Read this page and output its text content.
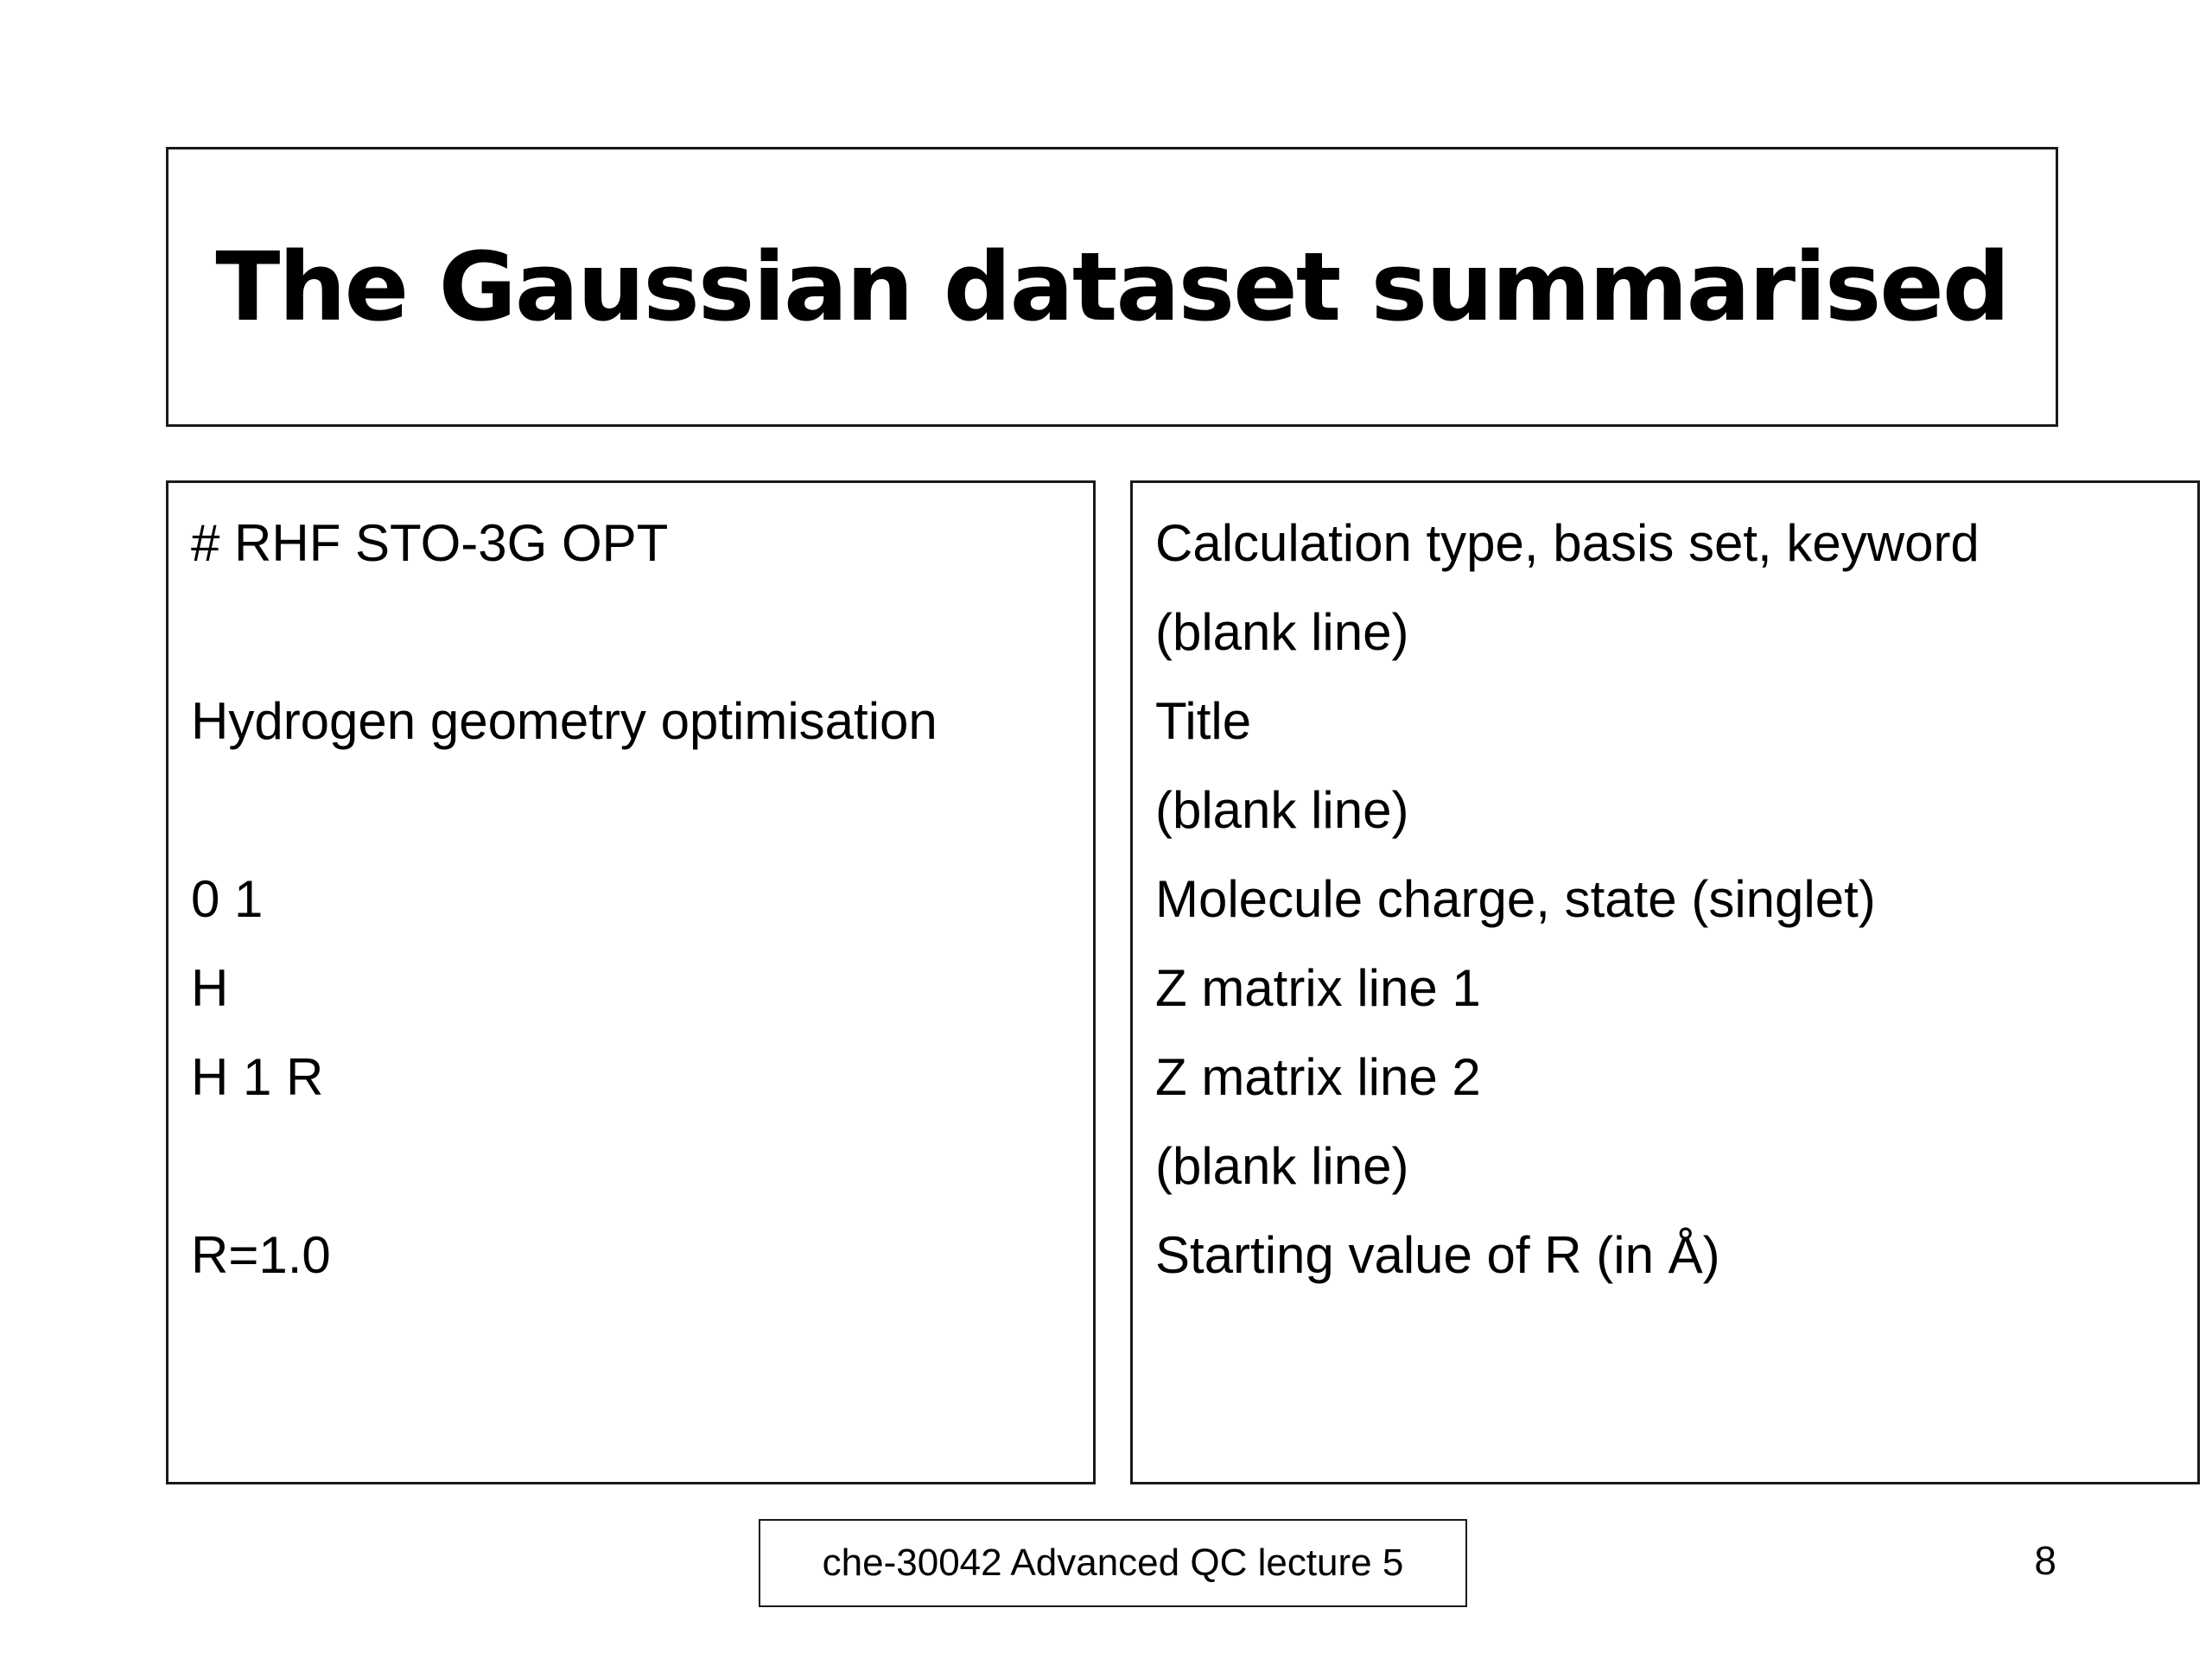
The Gaussian dataset summarised
# RHF STO-3G OPT
Hydrogen geometry optimisation
0 1
H
H 1 R
R=1.0
Calculation type, basis set, keyword
(blank line)
Title
(blank line)
Molecule charge, state (singlet)
Z matrix line 1
Z matrix line 2
(blank line)
Starting value of R (in Å)
che-30042 Advanced QC lecture 5	8
